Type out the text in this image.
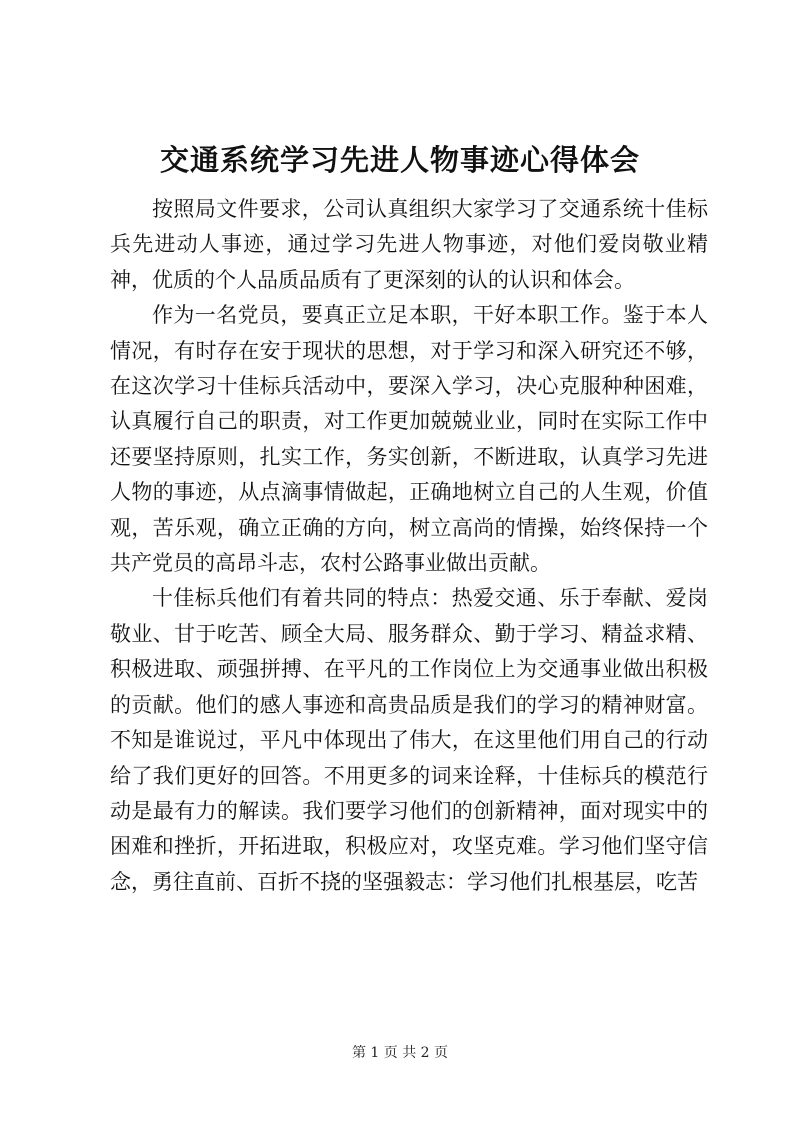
交通系统学习先进人物事迹心得体会

按照局文件要求，公司认真组织大家学习了交通系统十佳标兵先进动人事迹，通过学习先进人物事迹，对他们爱岗敬业精神，优质的个人品质品质有了更深刻的认的认识和体会。

作为一名党员，要真正立足本职，干好本职工作。鉴于本人情况，有时存在安于现状的思想，对于学习和深入研究还不够，在这次学习十佳标兵活动中，要深入学习，决心克服种种困难，认真履行自己的职责，对工作更加兢兢业业，同时在实际工作中还要坚持原则，扎实工作，务实创新，不断进取，认真学习先进人物的事迹，从点滴事情做起，正确地树立自己的人生观，价值观，苦乐观，确立正确的方向，树立高尚的情操，始终保持一个共产党员的高昂斗志，农村公路事业做出贡献。

十佳标兵他们有着共同的特点：热爱交通、乐于奉献、爱岗敬业、甘于吃苦、顾全大局、服务群众、勤于学习、精益求精、积极进取、顽强拼搏、在平凡的工作岗位上为交通事业做出积极的贡献。他们的感人事迹和高贵品质是我们的学习的精神财富。不知是谁说过，平凡中体现出了伟大，在这里他们用自己的行动给了我们更好的回答。不用更多的词来诠释，十佳标兵的模范行动是最有力的解读。我们要学习他们的创新精神，面对现实中的困难和挫折，开拓进取，积极应对，攻坚克难。学习他们坚守信念，勇往直前、百折不挠的坚强毅志：学习他们扎根基层，吃苦

第 1 页 共 2 页
